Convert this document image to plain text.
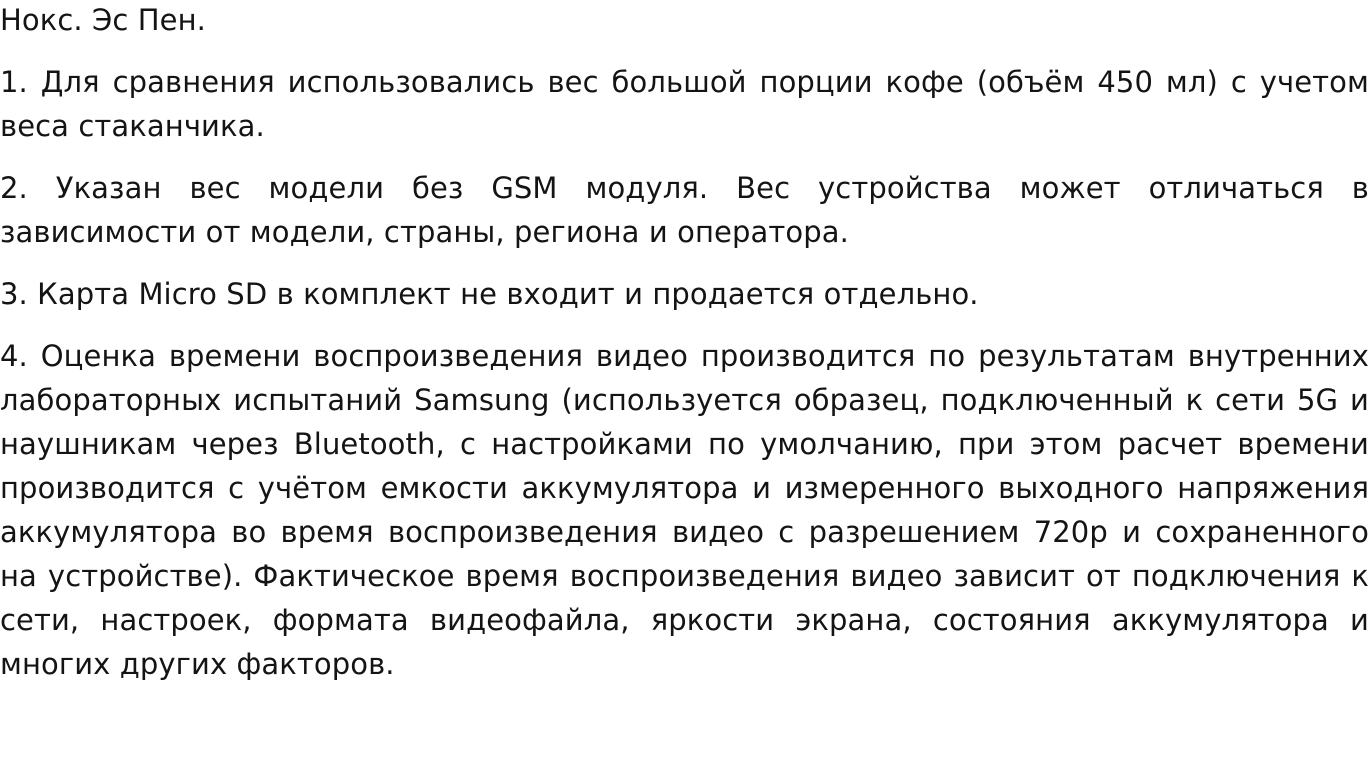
Нокс. Эс Пен.

1. Для сравнения использовались вес большой порции кофе (объём 450 мл) с учетом веса стаканчика.

2. Указан вес модели без GSM модуля. Вес устройства может отличаться в зависимости от модели, страны, региона и оператора.

3. Карта Micro SD в комплект не входит и продается отдельно.

4. Оценка времени воспроизведения видео производится по результатам внутренних лабораторных испытаний Samsung (используется образец, подключенный к сети 5G и наушникам через Bluetooth, с настройками по умолчанию, при этом расчет времени производится с учётом емкости аккумулятора и измеренного выходного напряжения аккумулятора во время воспроизведения видео с разрешением 720p и сохраненного на устройстве). Фактическое время воспроизведения видео зависит от подключения к сети, настроек, формата видеофайла, яркости экрана, состояния аккумулятора и многих других факторов.
